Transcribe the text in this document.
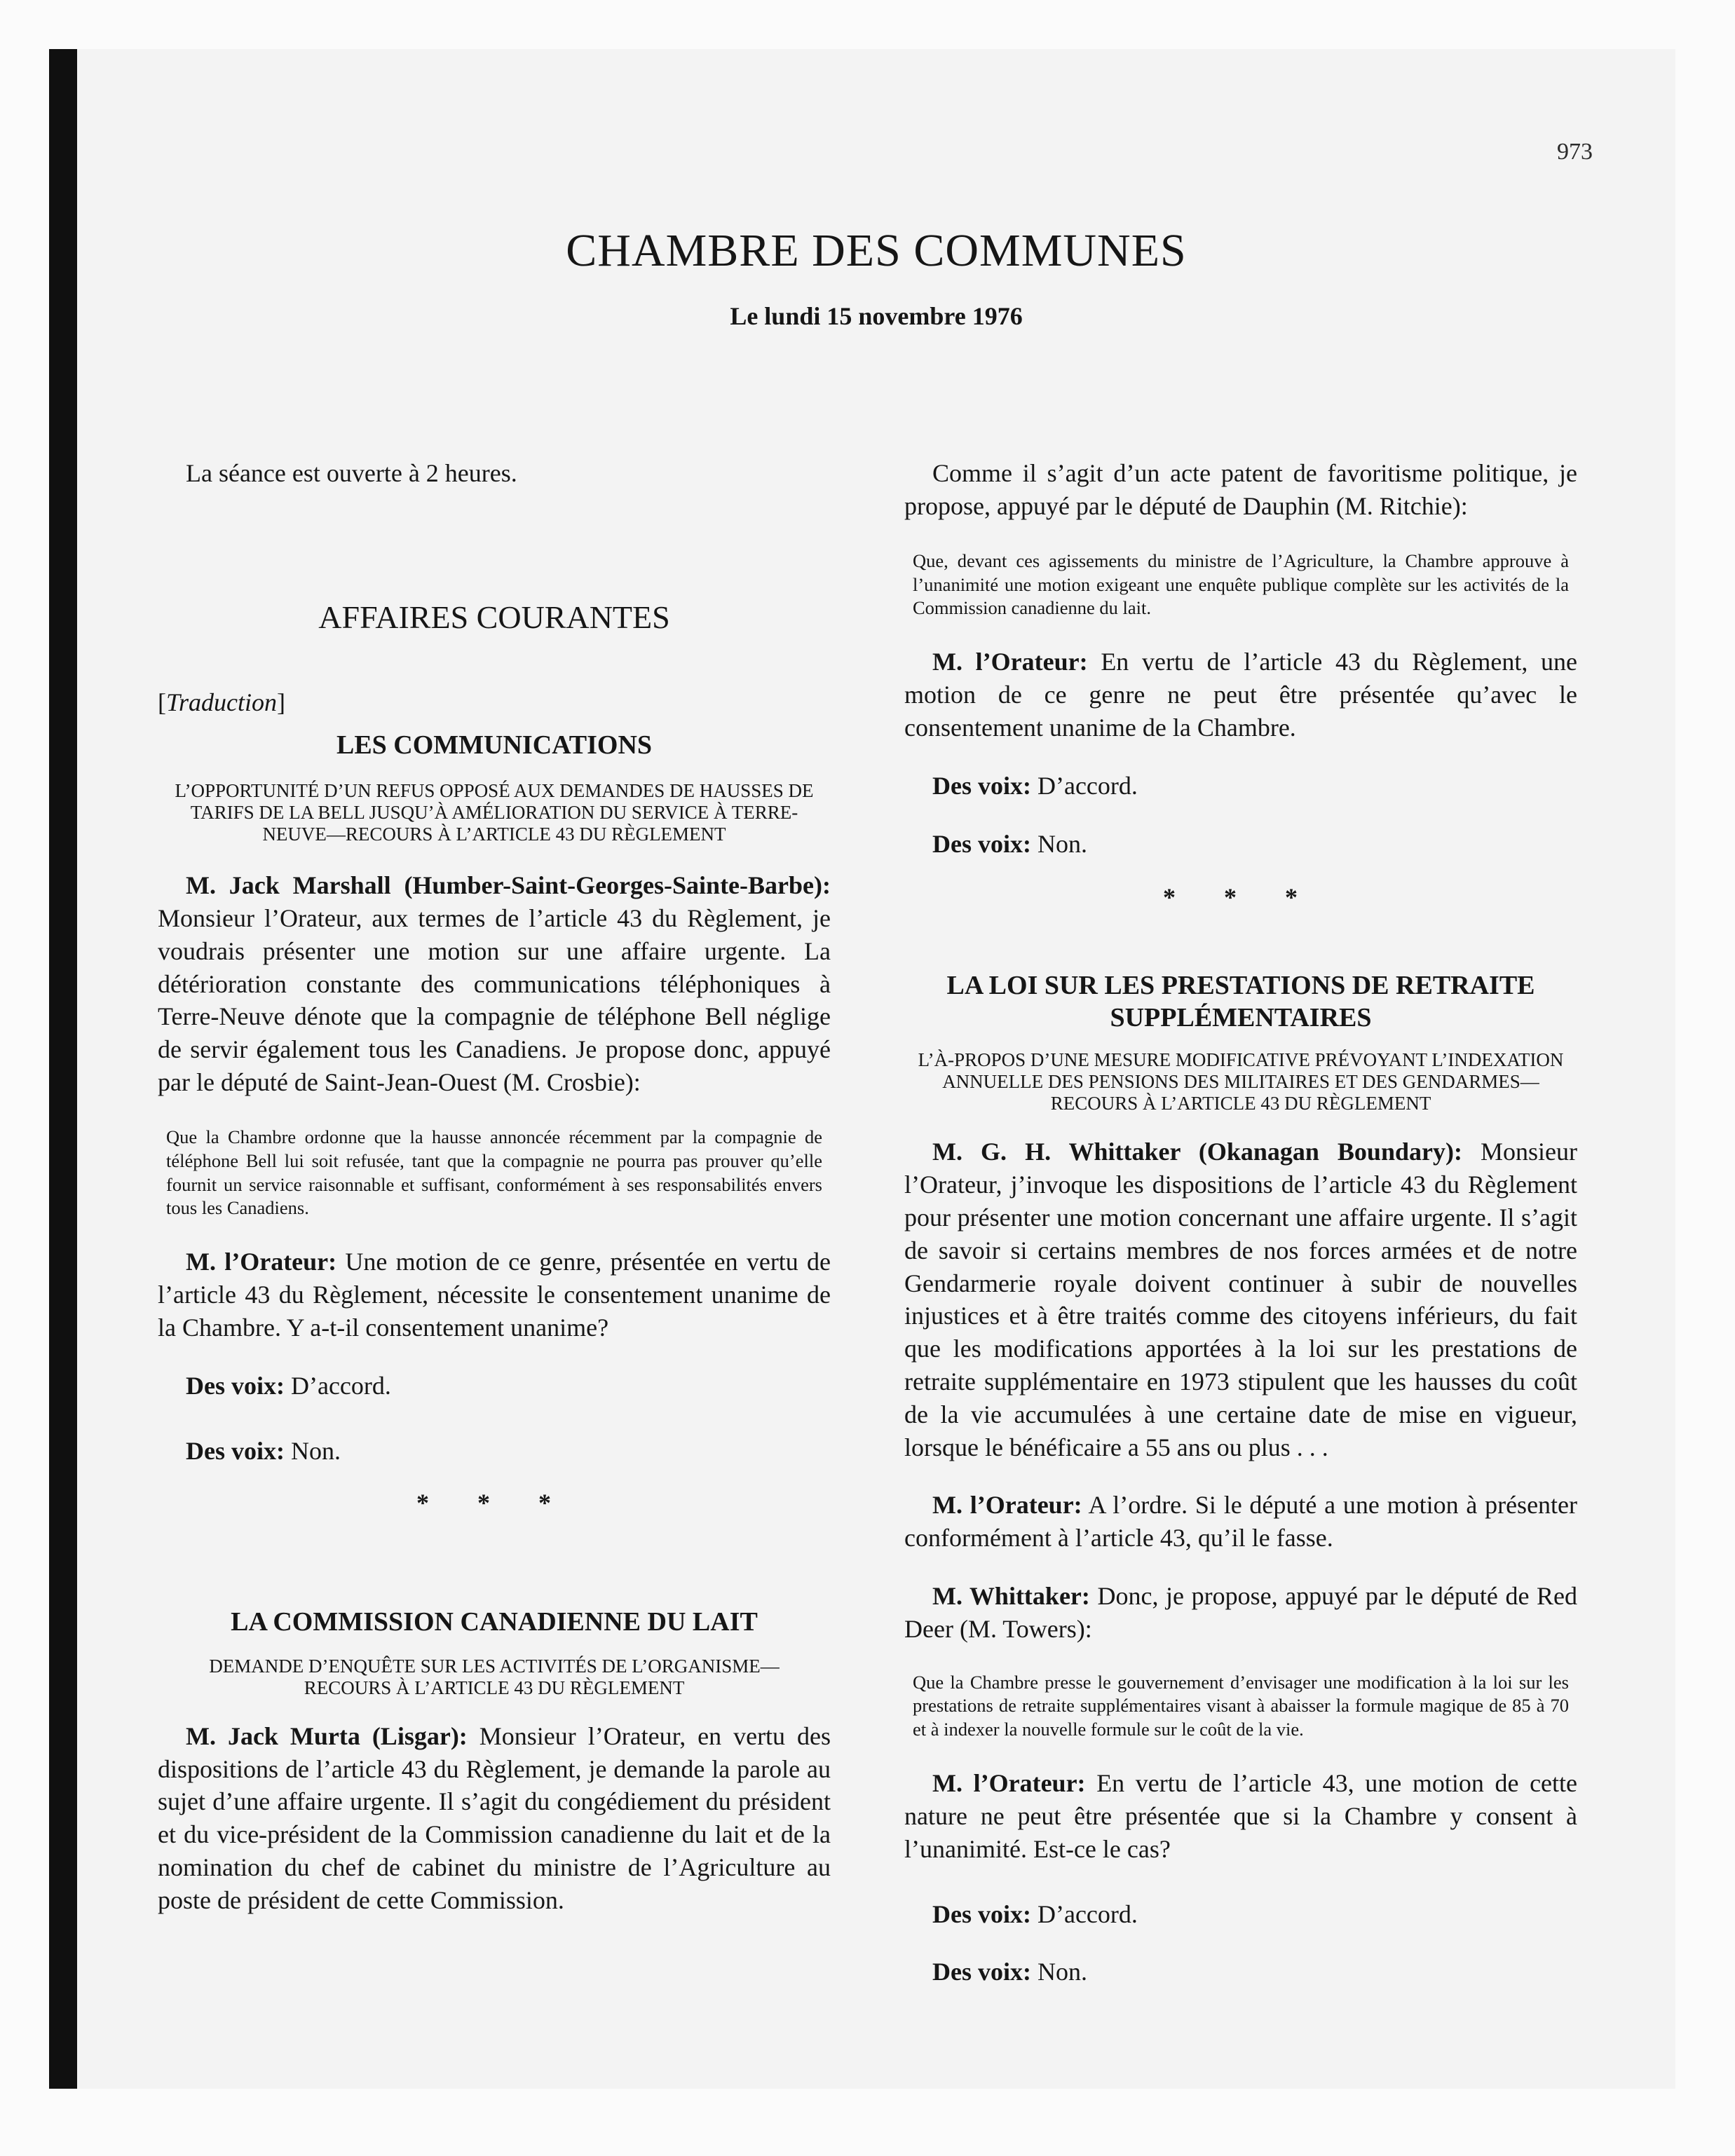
973
CHAMBRE DES COMMUNES
Le lundi 15 novembre 1976

La séance est ouverte à 2 heures.

AFFAIRES COURANTES

[Traduction]

LES COMMUNICATIONS

L’OPPORTUNITÉ D’UN REFUS OPPOSÉ AUX DEMANDES DE HAUSSES DE TARIFS DE LA BELL JUSQU’À AMÉLIORATION DU SERVICE À TERRE-NEUVE—RECOURS À L’ARTICLE 43 DU RÈGLEMENT

M. Jack Marshall (Humber-Saint-Georges-Sainte-Barbe): Monsieur l’Orateur, aux termes de l’article 43 du Règlement, je voudrais présenter une motion sur une affaire urgente. La détérioration constante des communications téléphoniques à Terre-Neuve dénote que la compagnie de téléphone Bell néglige de servir également tous les Canadiens. Je propose donc, appuyé par le député de Saint-Jean-Ouest (M. Crosbie):

Que la Chambre ordonne que la hausse annoncée récemment par la compagnie de téléphone Bell lui soit refusée, tant que la compagnie ne pourra pas prouver qu’elle fournit un service raisonnable et suffisant, conformément à ses responsabilités envers tous les Canadiens.

M. l’Orateur: Une motion de ce genre, présentée en vertu de l’article 43 du Règlement, nécessite le consentement unanime de la Chambre. Y a-t-il consentement unanime?

Des voix: D’accord.

Des voix: Non.

* * *

LA COMMISSION CANADIENNE DU LAIT

DEMANDE D’ENQUÊTE SUR LES ACTIVITÉS DE L’ORGANISME—RECOURS À L’ARTICLE 43 DU RÈGLEMENT

M. Jack Murta (Lisgar): Monsieur l’Orateur, en vertu des dispositions de l’article 43 du Règlement, je demande la parole au sujet d’une affaire urgente. Il s’agit du congédiement du président et du vice-président de la Commission canadienne du lait et de la nomination du chef de cabinet du ministre de l’Agriculture au poste de président de cette Commission.

Comme il s’agit d’un acte patent de favoritisme politique, je propose, appuyé par le député de Dauphin (M. Ritchie):

Que, devant ces agissements du ministre de l’Agriculture, la Chambre approuve à l’unanimité une motion exigeant une enquête publique complète sur les activités de la Commission canadienne du lait.

M. l’Orateur: En vertu de l’article 43 du Règlement, une motion de ce genre ne peut être présentée qu’avec le consentement unanime de la Chambre.

Des voix: D’accord.

Des voix: Non.

* * *

LA LOI SUR LES PRESTATIONS DE RETRAITE SUPPLÉMENTAIRES

L’À-PROPOS D’UNE MESURE MODIFICATIVE PRÉVOYANT L’INDEXATION ANNUELLE DES PENSIONS DES MILITAIRES ET DES GENDARMES—RECOURS À L’ARTICLE 43 DU RÈGLEMENT

M. G. H. Whittaker (Okanagan Boundary): Monsieur l’Orateur, j’invoque les dispositions de l’article 43 du Règlement pour présenter une motion concernant une affaire urgente. Il s’agit de savoir si certains membres de nos forces armées et de notre Gendarmerie royale doivent continuer à subir de nouvelles injustices et à être traités comme des citoyens inférieurs, du fait que les modifications apportées à la loi sur les prestations de retraite supplémentaire en 1973 stipulent que les hausses du coût de la vie accumulées à une certaine date de mise en vigueur, lorsque le bénéficaire a 55 ans ou plus . . .

M. l’Orateur: A l’ordre. Si le député a une motion à présenter conformément à l’article 43, qu’il le fasse.

M. Whittaker: Donc, je propose, appuyé par le député de Red Deer (M. Towers):

Que la Chambre presse le gouvernement d’envisager une modification à la loi sur les prestations de retraite supplémentaires visant à abaisser la formule magique de 85 à 70 et à indexer la nouvelle formule sur le coût de la vie.

M. l’Orateur: En vertu de l’article 43, une motion de cette nature ne peut être présentée que si la Chambre y consent à l’unanimité. Est-ce le cas?

Des voix: D’accord.

Des voix: Non.
